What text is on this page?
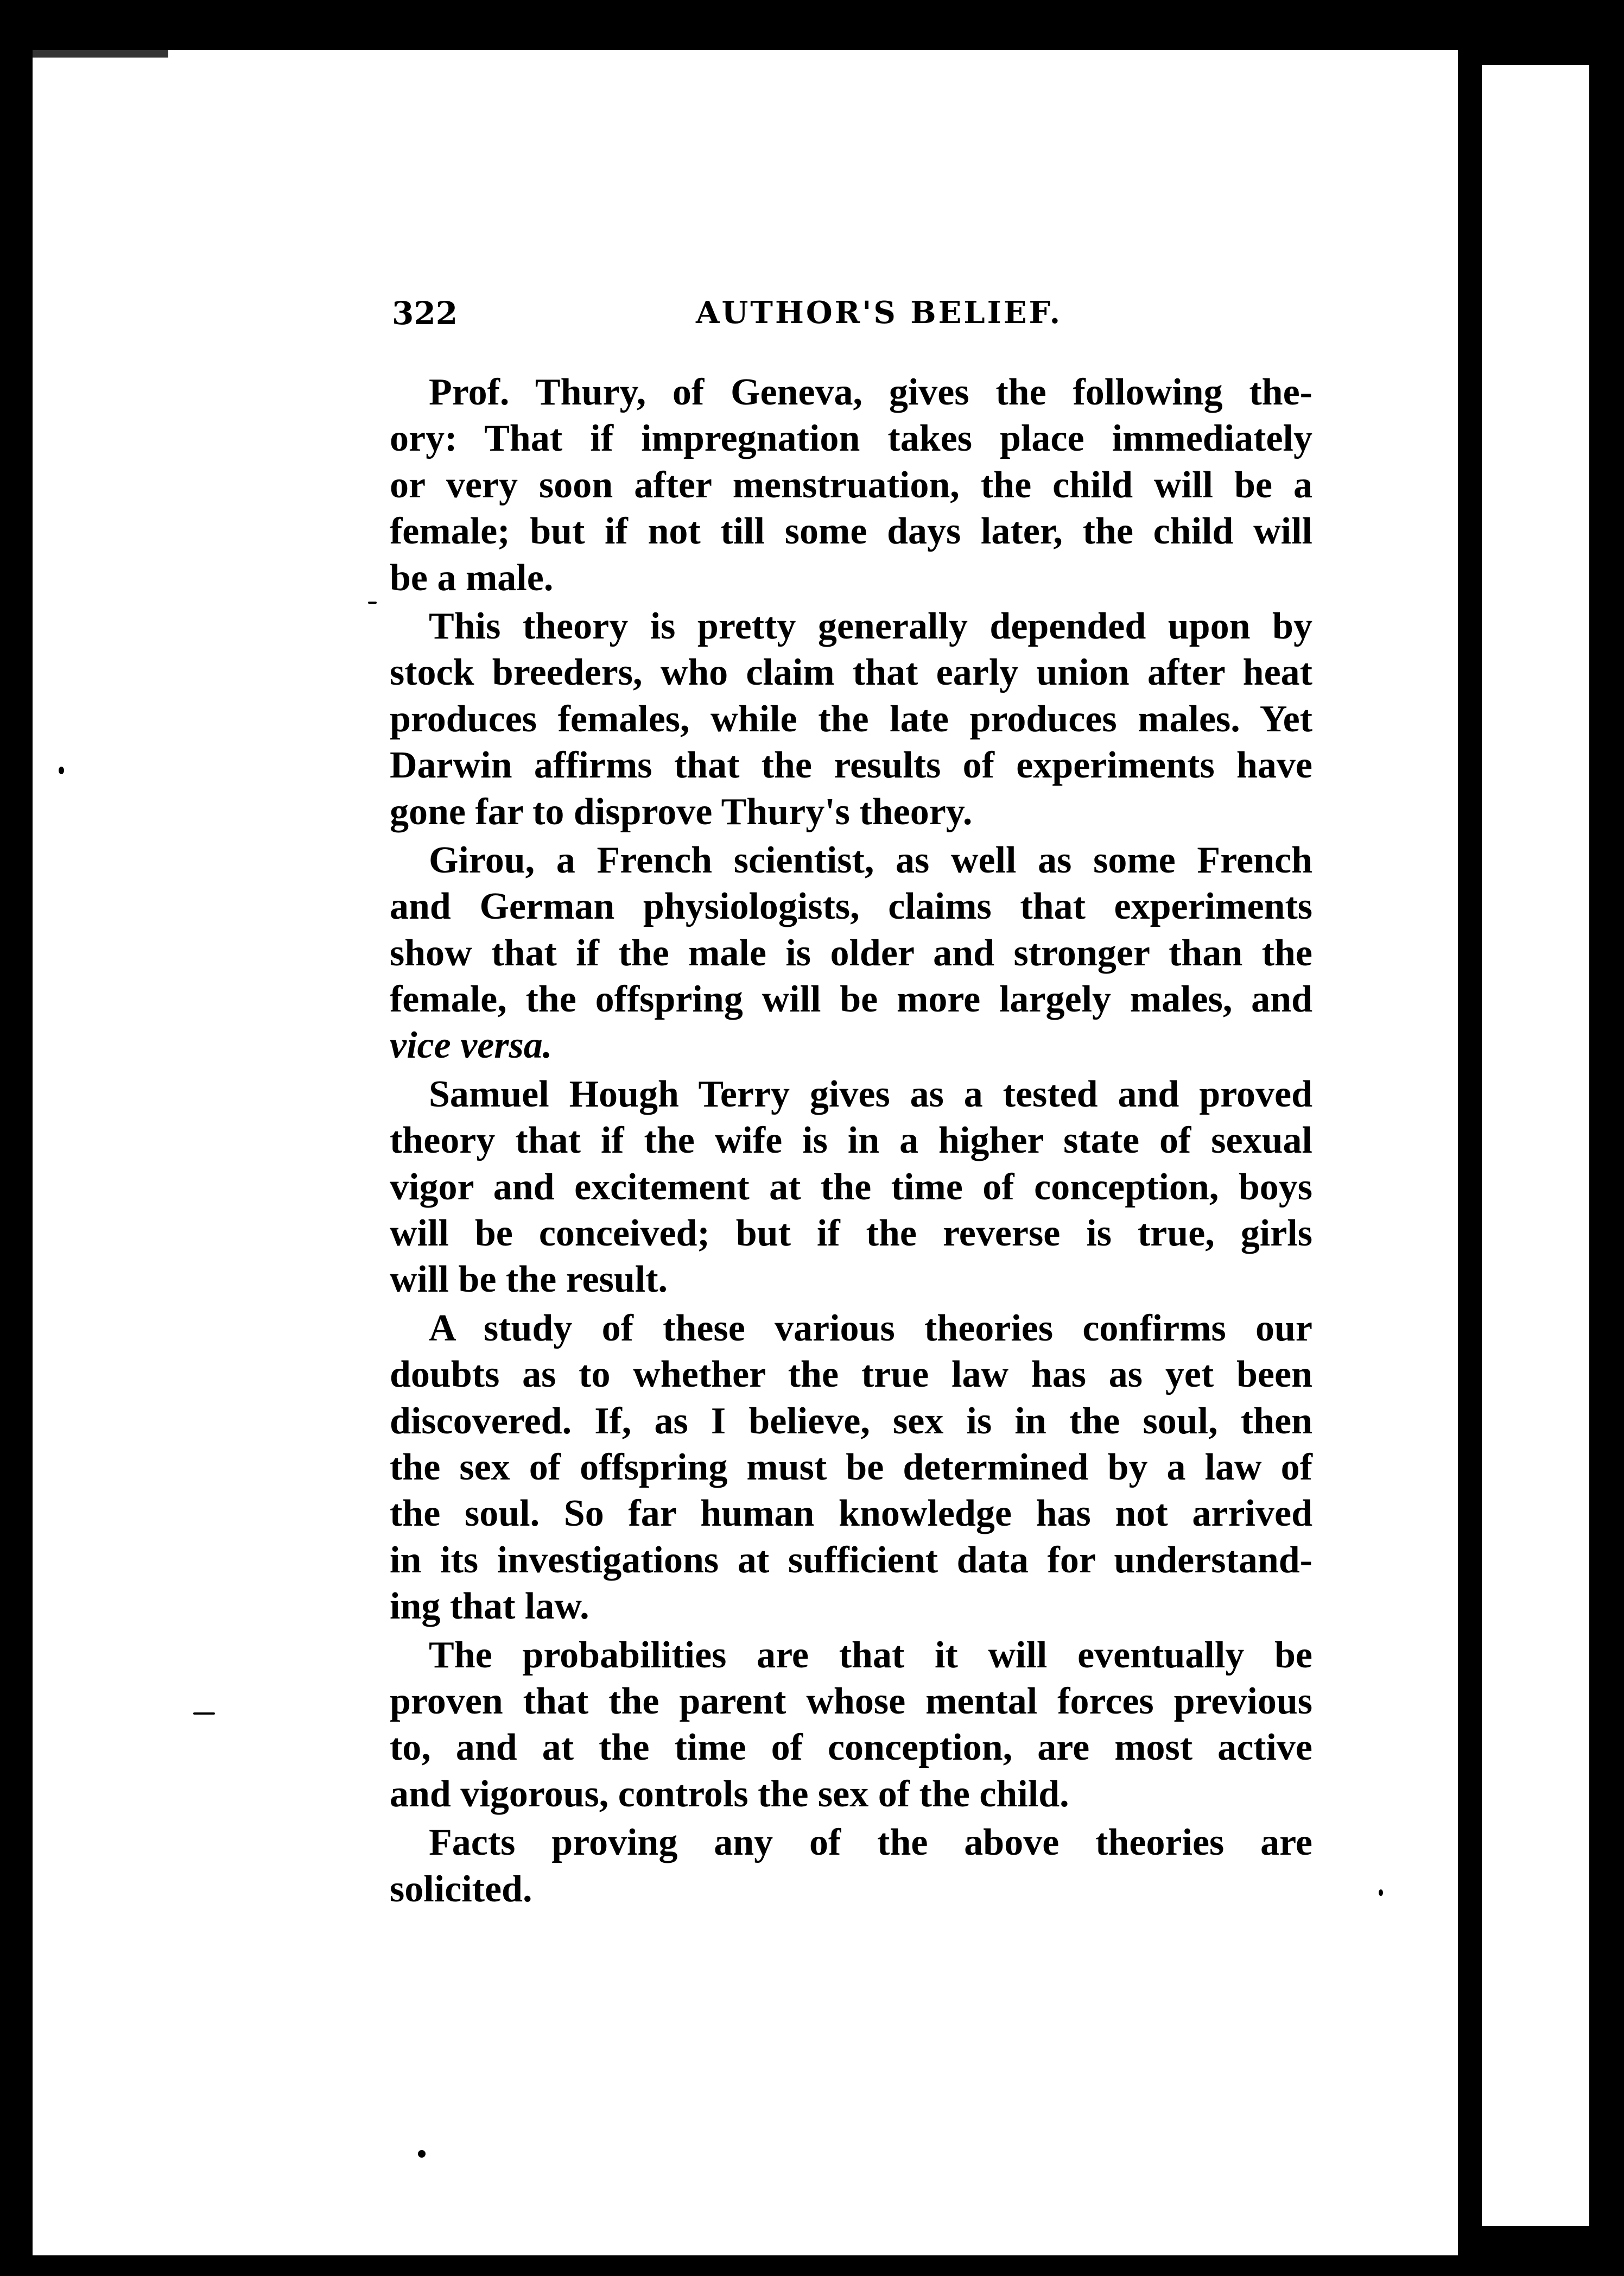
322	AUTHOR'S BELIEF.
Prof. Thury, of Geneva, gives the following the-
ory: That if impregnation takes place immediately
or very soon after menstruation, the child will be a
female; but if not till some days later, the child will
be a male.
This theory is pretty generally depended upon by
stock breeders, who claim that early union after heat
produces females, while the late produces males. Yet
Darwin affirms that the results of experiments have
gone far to disprove Thury's theory.
Girou, a French scientist, as well as some French
and German physiologists, claims that experiments
show that if the male is older and stronger than the
female, the offspring will be more largely males, and
vice versa.
Samuel Hough Terry gives as a tested and proved
theory that if the wife is in a higher state of sexual
vigor and excitement at the time of conception, boys
will be conceived; but if the reverse is true, girls
will be the result.
A study of these various theories confirms our
doubts as to whether the true law has as yet been
discovered. If, as I believe, sex is in the soul, then
the sex of offspring must be determined by a law of
the soul. So far human knowledge has not arrived
in its investigations at sufficient data for understand-
ing that law.
The probabilities are that it will eventually be
proven that the parent whose mental forces previous
to, and at the time of conception, are most active
and vigorous, controls the sex of the child.
Facts proving any of the above theories are
solicited.
